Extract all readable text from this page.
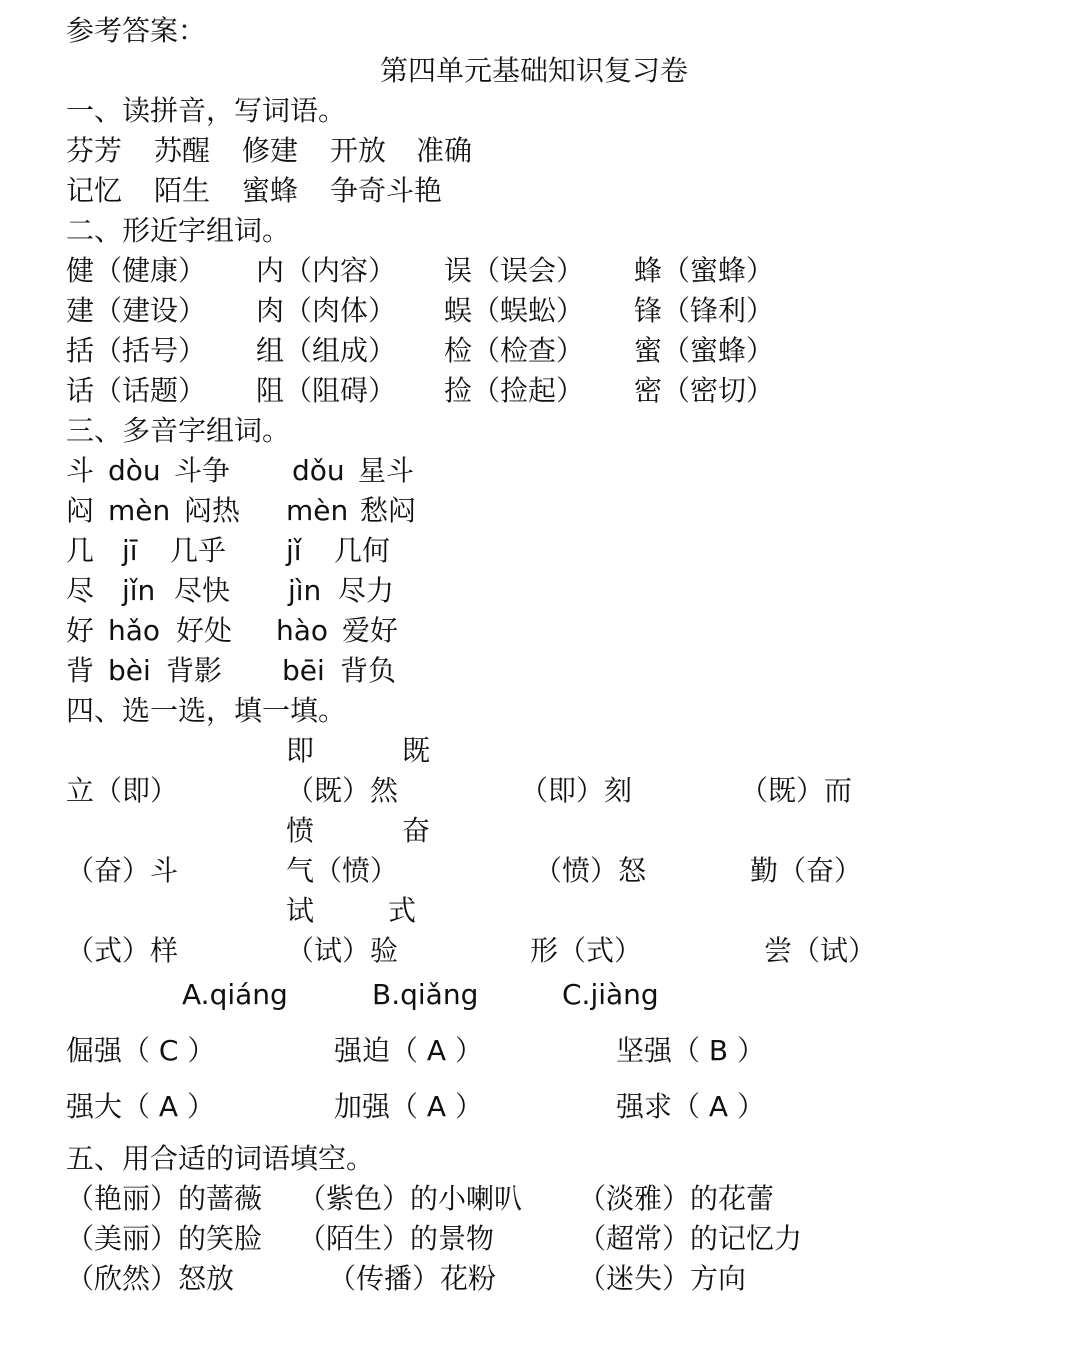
参考答案：
第四单元基础知识复习卷
一、读拼音，写词语。
芬芳 苏醒 修建 开放 准确
记忆 陌生 蜜蜂 争奇斗艳
二、形近字组词。
健（健康） 内（内容） 误（误会） 蜂（蜜蜂）
建（建设） 肉（肉体） 蜈（蜈蚣） 锋（锋利）
括（括号） 组（组成） 检（检查） 蜜（蜜蜂）
话（话题） 阻（阻碍） 捡（捡起） 密（密切）
三、多音字组词。
斗 dòu 斗争 dǒu 星斗
闷 mèn 闷热 mèn 愁闷
几 jī 几乎 jǐ 几何
尽 jǐn 尽快 jìn 尽力
好 hǎo 好处 hào 爱好
背 bèi 背影 bēi 背负
四、选一选，填一填。
即	既
立（即）	（既）然	（即）刻	（既）而
愤	奋
（奋）斗	气（愤）	（愤）怒	勤（奋）
试	式
（式）样	（试）验	形（式）	尝（试）
A.qiáng	B.qiǎng	C.jiàng
倔强（ C ）	强迫（ A ）	坚强（ B ）
强大（ A ）	加强（ A ）	强求（ A ）
五、用合适的词语填空。
（艳丽）的蔷薇 （紫色）的小喇叭 （淡雅）的花蕾
（美丽）的笑脸 （陌生）的景物	（超常）的记忆力
（欣然）怒放	（传播）花粉	（迷失）方向
